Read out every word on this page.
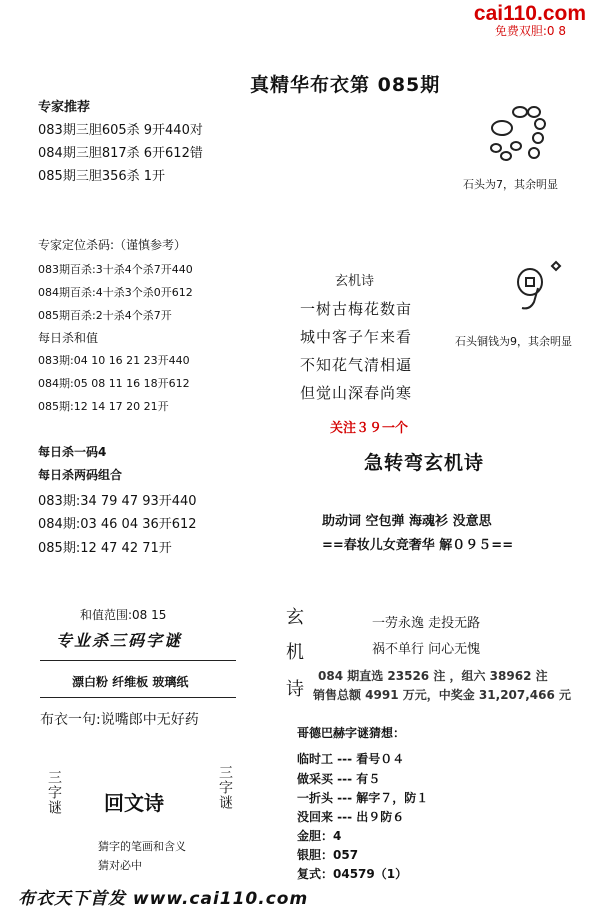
cai110.com
免费双胆:0 8
真精华布衣第 085期
专家推荐
083期三胆605杀 9开440对
084期三胆817杀 6开612错
085期三胆356杀 1开
石头为7，其余明显
专家定位杀码:（谨慎参考）
083期百杀:3十杀4个杀7开440
084期百杀:4十杀3个杀0开612
085期百杀:2十杀4个杀7开
每日杀和值
083期:04 10 16 21 23开440
084期:05 08 11 16 18开612
085期:12 14 17 20 21开
玄机诗
一树古梅花数亩
城中客子乍来看
不知花气清相逼
但觉山深春尚寒
石头铜钱为9，其余明显
关注３９一个
急转弯玄机诗
助动词 空包弹 海魂衫 没意思
==春妆儿女竞奢华 解０９５==
每日杀一码4
每日杀两码组合
083期:34 79 47 93开440
084期:03 46 04 36开612
085期:12 47 42 71开
和值范围:08 15
专业杀三码字谜
漂白粉 纤维板 玻璃纸
布衣一句:说嘴郎中无好药
玄
机
诗
一劳永逸 走投无路
祸不单行 问心无愧
084 期直选 23526 注 ，组六 38962 注
销售总额 4991 万元，中奖金 31,207,466 元
哥德巴赫字谜猜想：
临时工 --- 看号０４
做采买 --- 有５
一折头 --- 解字７，防１
没回来 --- 出９防６
金胆：4
银胆：057
复式：04579（1）
三字谜	三字谜
回文诗
猜字的笔画和含义
猜对必中
布衣天下首发 www.cai110.com
